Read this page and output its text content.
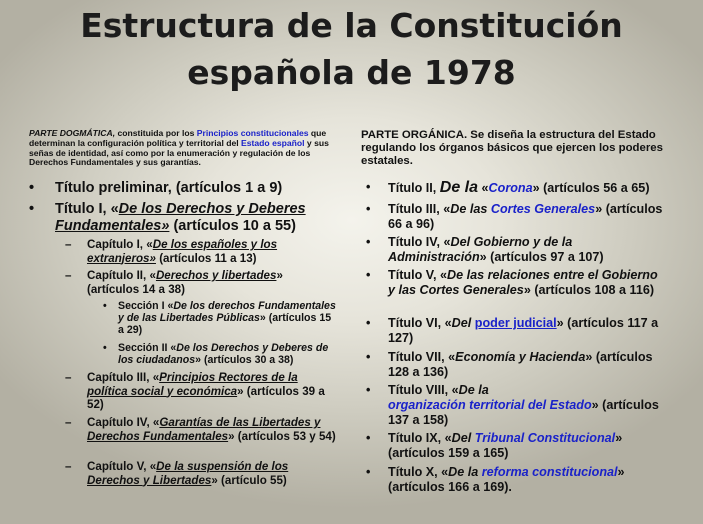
Estructura de la Constitución
española de 1978
PARTE DOGMÁTICA, constituida por los Principios constitucionales que determinan la configuración política y territorial del Estado español y sus señas de identidad, así como por la enumeración y regulación de los Derechos Fundamentales y sus garantías.
• Título preliminar, (artículos 1 a 9)
• Título I, «De los Derechos y Deberes Fundamentales» (artículos 10 a 55)
– Capítulo I, «De los españoles y los extranjeros» (artículos 11 a 13)
– Capítulo II, «Derechos y libertades» (artículos 14 a 38)
• Sección I «De los derechos Fundamentales y de las Libertades Públicas» (artículos 15 a 29)
• Sección II «De los Derechos y Deberes de los ciudadanos» (artículos 30 a 38)
– Capítulo III, «Principios Rectores de la política social y económica» (artículos 39 a 52)
– Capítulo IV, «Garantías de las Libertades y Derechos Fundamentales» (artículos 53 y 54)
– Capítulo V, «De la suspensión de los Derechos y Libertades» (artículo 55)
PARTE ORGÁNICA. Se diseña la estructura del Estado regulando los órganos básicos que ejercen los poderes estatales.
• Título II, De la «Corona» (artículos 56 a 65)
• Título III, «De las Cortes Generales» (artículos 66 a 96)
• Título IV, «Del Gobierno y de la Administración» (artículos 97 a 107)
• Título V, «De las relaciones entre el Gobierno y las Cortes Generales» (artículos 108 a 116)
• Título VI, «Del poder judicial» (artículos 117 a 127)
• Título VII, «Economía y Hacienda» (artículos 128 a 136)
• Título VIII, «De la
organización territorial del Estado» (artículos 137 a 158)
• Título IX, «Del Tribunal Constitucional» (artículos 159 a 165)
• Título X, «De la reforma constitucional» (artículos 166 a 169).
